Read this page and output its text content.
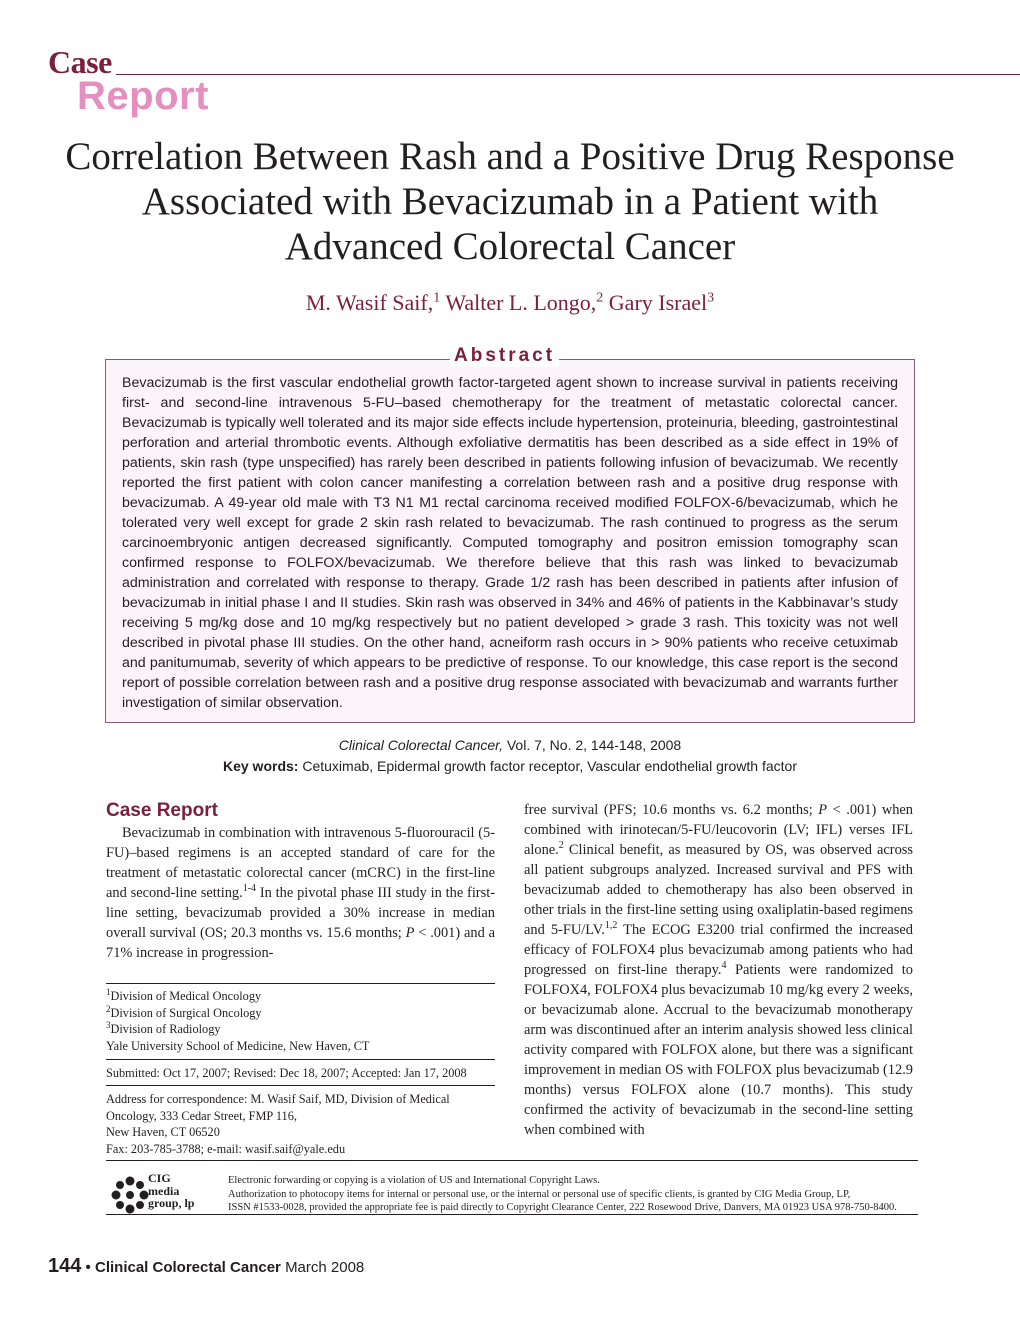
Case
Report
Correlation Between Rash and a Positive Drug Response Associated with Bevacizumab in a Patient with Advanced Colorectal Cancer
M. Wasif Saif,$^1$ Walter L. Longo,$^2$ Gary Israel$^3$
Abstract
Bevacizumab is the first vascular endothelial growth factor-targeted agent shown to increase survival in patients receiving first- and second-line intravenous 5-FU–based chemotherapy for the treatment of metastatic colorectal cancer. Bevacizumab is typically well tolerated and its major side effects include hypertension, proteinuria, bleeding, gastrointestinal perforation and arterial thrombotic events. Although exfoliative dermatitis has been described as a side effect in 19% of patients, skin rash (type unspecified) has rarely been described in patients following infusion of bevacizumab. We recently reported the first patient with colon cancer manifesting a correlation between rash and a positive drug response with bevacizumab. A 49-year old male with T3 N1 M1 rectal carcinoma received modified FOLFOX-6/bevacizumab, which he tolerated very well except for grade 2 skin rash related to bevacizumab. The rash continued to progress as the serum carcinoembryonic antigen decreased significantly. Computed tomography and positron emission tomography scan confirmed response to FOLFOX/bevacizumab. We therefore believe that this rash was linked to bevacizumab administration and correlated with response to therapy. Grade 1/2 rash has been described in patients after infusion of bevacizumab in initial phase I and II studies. Skin rash was observed in 34% and 46% of patients in the Kabbinavar’s study receiving 5 mg/kg dose and 10 mg/kg respectively but no patient developed > grade 3 rash. This toxicity was not well described in pivotal phase III studies. On the other hand, acneiform rash occurs in > 90% patients who receive cetuximab and panitumumab, severity of which appears to be predictive of response. To our knowledge, this case report is the second report of possible correlation between rash and a positive drug response associated with bevacizumab and warrants further investigation of similar observation.
Clinical Colorectal Cancer, Vol. 7, No. 2, 144-148, 2008
Key words: Cetuximab, Epidermal growth factor receptor, Vascular endothelial growth factor
Case Report
Bevacizumab in combination with intravenous 5-fluorouracil (5-FU)–based regimens is an accepted standard of care for the treatment of metastatic colorectal cancer (mCRC) in the first-line and second-line setting.$^{1-4}$ In the pivotal phase III study in the first-line setting, bevacizumab provided a 30% increase in median overall survival (OS; 20.3 months vs. 15.6 months; P < .001) and a 71% increase in progression-
free survival (PFS; 10.6 months vs. 6.2 months; P < .001) when combined with irinotecan/5-FU/leucovorin (LV; IFL) verses IFL alone.$^2$ Clinical benefit, as measured by OS, was observed across all patient subgroups analyzed. Increased survival and PFS with bevacizumab added to chemotherapy has also been observed in other trials in the first-line setting using oxaliplatin-based regimens and 5-FU/LV.$^{1,2}$ The ECOG E3200 trial confirmed the increased efficacy of FOLFOX4 plus bevacizumab among patients who had progressed on first-line therapy.$^4$ Patients were randomized to FOLFOX4, FOLFOX4 plus bevacizumab 10 mg/kg every 2 weeks, or bevacizumab alone. Accrual to the bevacizumab monotherapy arm was discontinued after an interim analysis showed less clinical activity compared with FOLFOX alone, but there was a significant improvement in median OS with FOLFOX plus bevacizumab (12.9 months) versus FOLFOX alone (10.7 months). This study confirmed the activity of bevacizumab in the second-line setting when combined with
$^1$Division of Medical Oncology
$^2$Division of Surgical Oncology
$^3$Division of Radiology
Yale University School of Medicine, New Haven, CT
Submitted: Oct 17, 2007; Revised: Dec 18, 2007; Accepted: Jan 17, 2008
Address for correspondence: M. Wasif Saif, MD, Division of Medical
Oncology, 333 Cedar Street, FMP 116,
New Haven, CT 06520
Fax: 203-785-3788; e-mail: wasif.saif@yale.edu
CIG
media
group, lp
Electronic forwarding or copying is a violation of US and International Copyright Laws.
Authorization to photocopy items for internal or personal use, or the internal or personal use of specific clients, is granted by CIG Media Group, LP,
ISSN #1533-0028, provided the appropriate fee is paid directly to Copyright Clearance Center, 222 Rosewood Drive, Danvers, MA 01923 USA 978-750-8400.
144 • Clinical Colorectal Cancer March 2008
